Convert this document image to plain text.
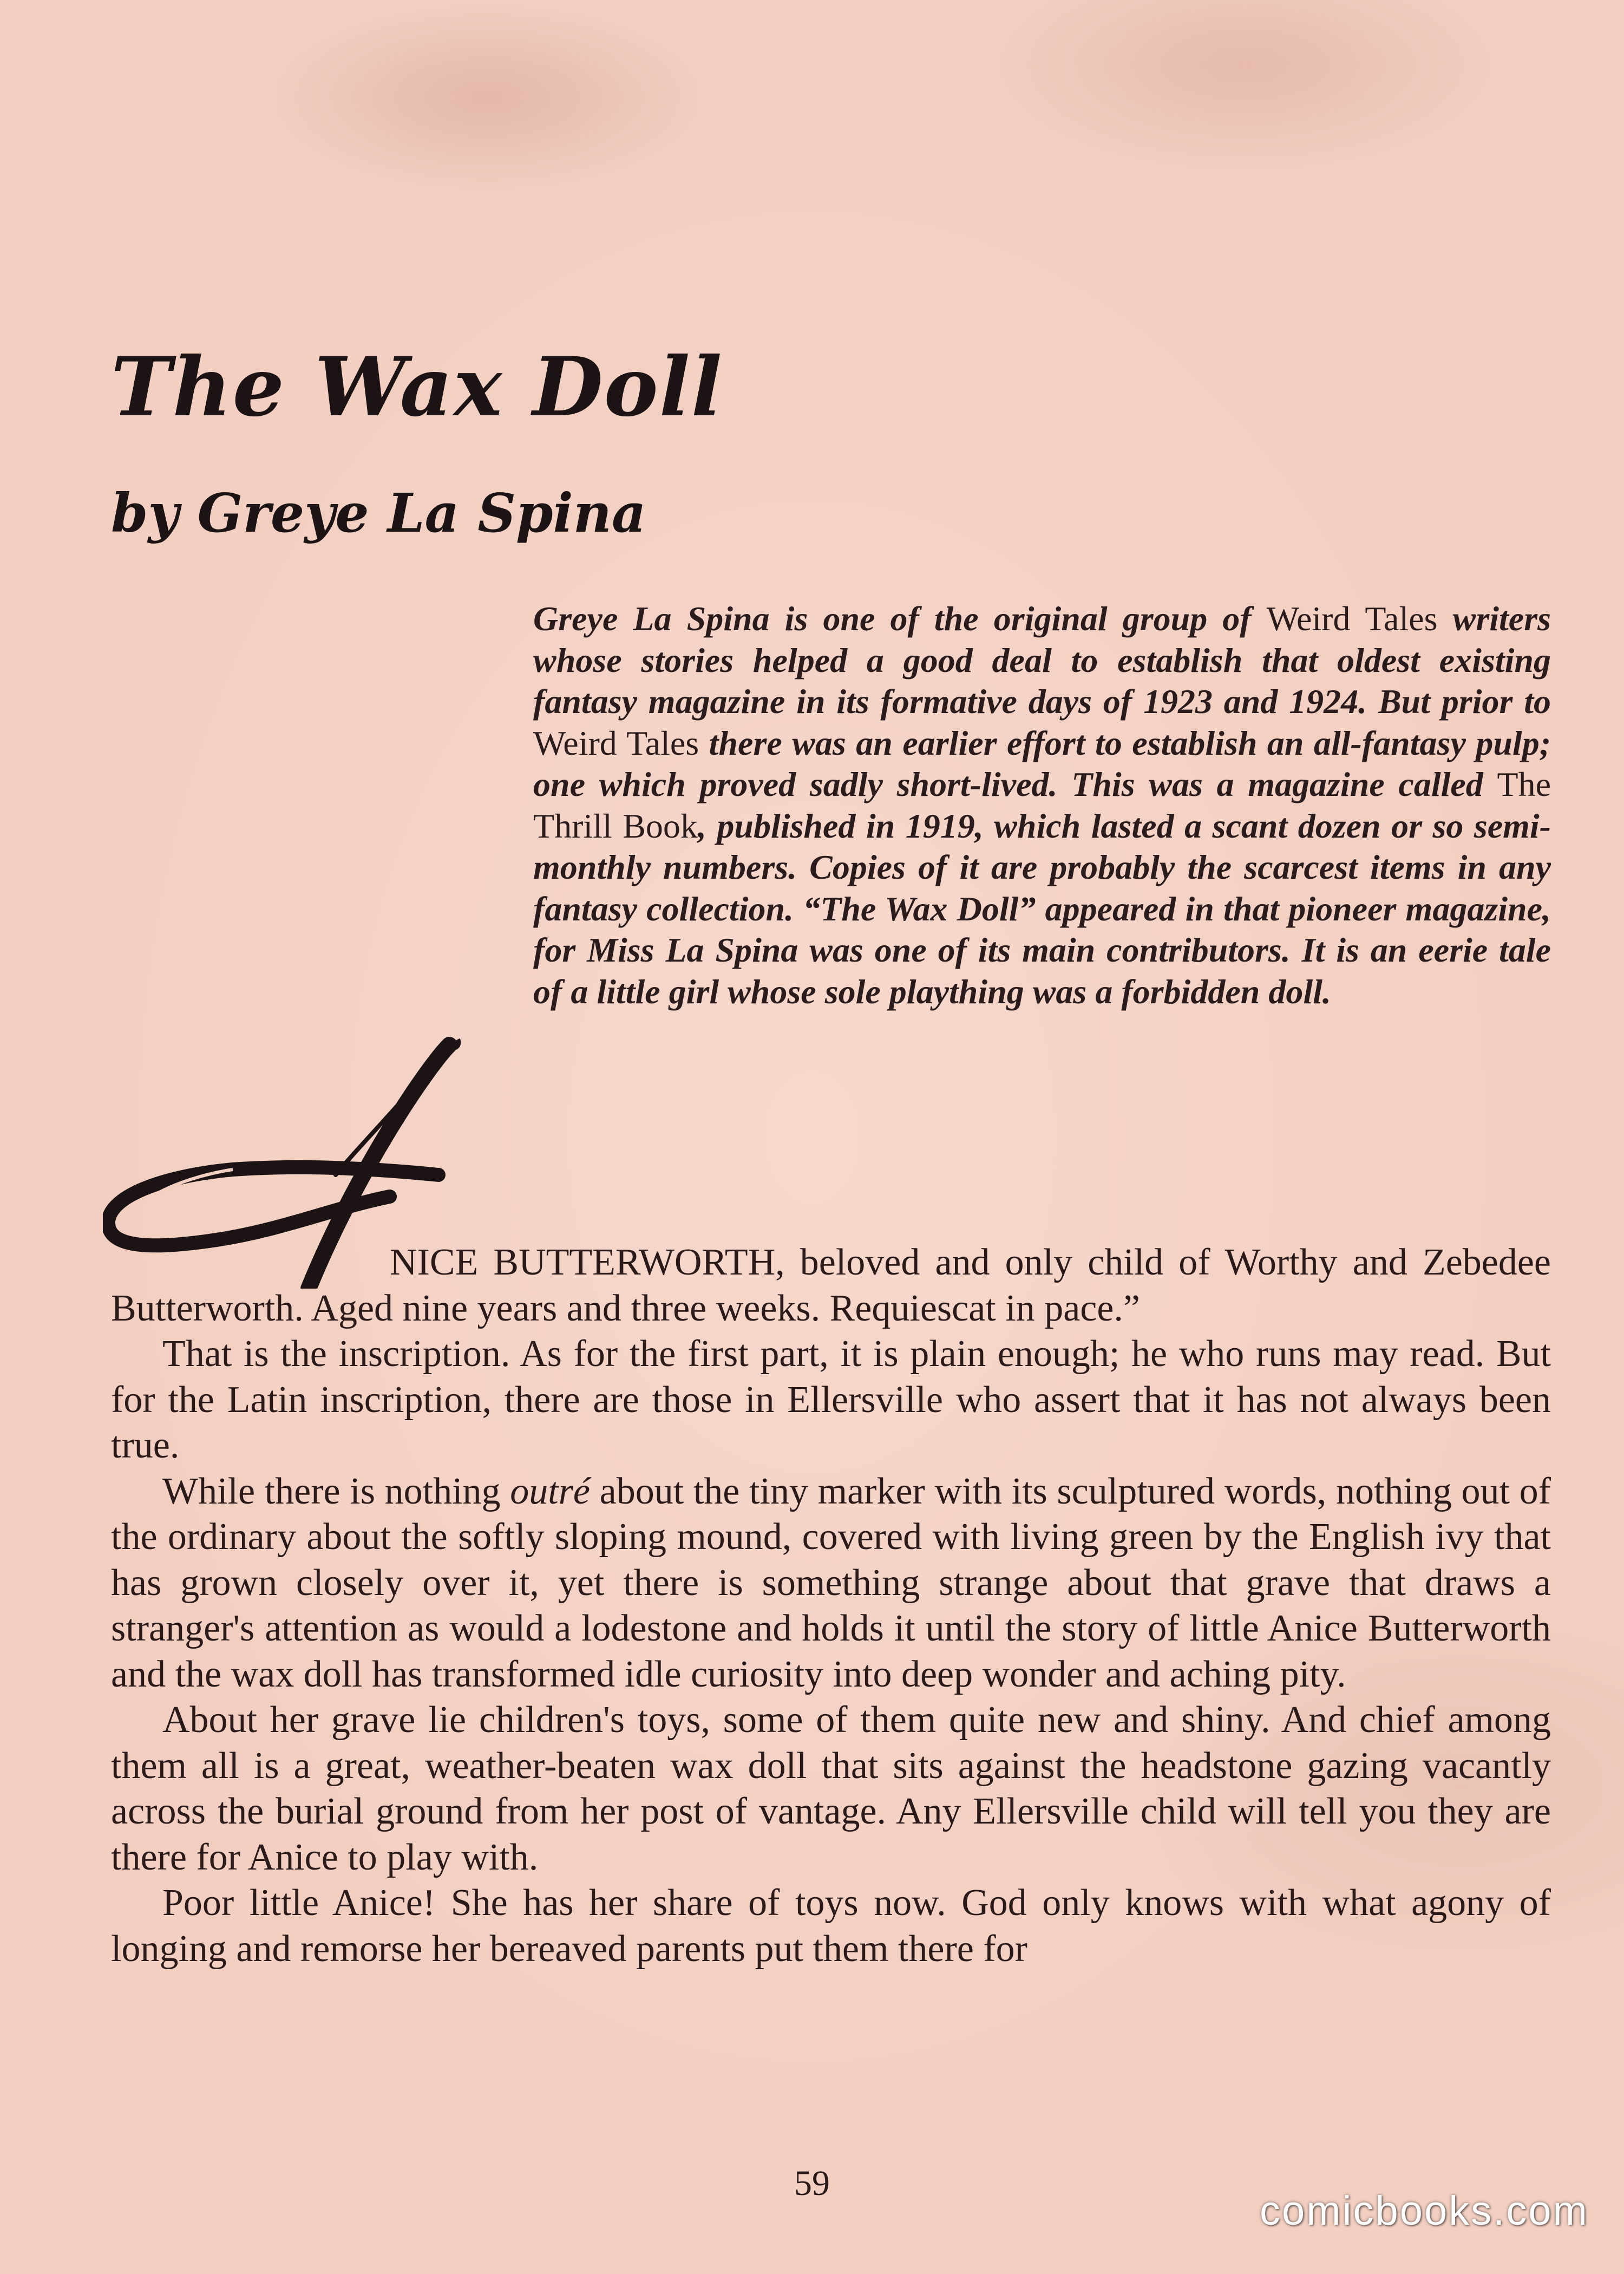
The Wax Doll
by Greye La Spina

Greye La Spina is one of the original group of Weird Tales writers whose stories helped a good deal to establish that oldest existing fantasy magazine in its formative days of 1923 and 1924. But prior to Weird Tales there was an earlier effort to establish an all-fantasy pulp; one which proved sadly short-lived. This was a magazine called The Thrill Book, published in 1919, which lasted a scant dozen or so semi-monthly numbers. Copies of it are probably the scarcest items in any fantasy collection. “The Wax Doll” appeared in that pioneer magazine, for Miss La Spina was one of its main contributors. It is an eerie tale of a little girl whose sole plaything was a forbidden doll.

NICE BUTTERWORTH, beloved and only child of Worthy and Zebedee Butterworth. Aged nine years and three weeks. Requiescat in pace.”

That is the inscription. As for the first part, it is plain enough; he who runs may read. But for the Latin inscription, there are those in Ellersville who assert that it has not always been true.

While there is nothing outré about the tiny marker with its sculptured words, nothing out of the ordinary about the softly sloping mound, covered with living green by the English ivy that has grown closely over it, yet there is something strange about that grave that draws a stranger's attention as would a lodestone and holds it until the story of little Anice Butterworth and the wax doll has transformed idle curiosity into deep wonder and aching pity.

About her grave lie children's toys, some of them quite new and shiny. And chief among them all is a great, weather-beaten wax doll that sits against the headstone gazing vacantly across the burial ground from her post of vantage. Any Ellersville child will tell you they are there for Anice to play with.

Poor little Anice! She has her share of toys now. God only knows with what agony of longing and remorse her bereaved parents put them there for

59
comicbooks.com
